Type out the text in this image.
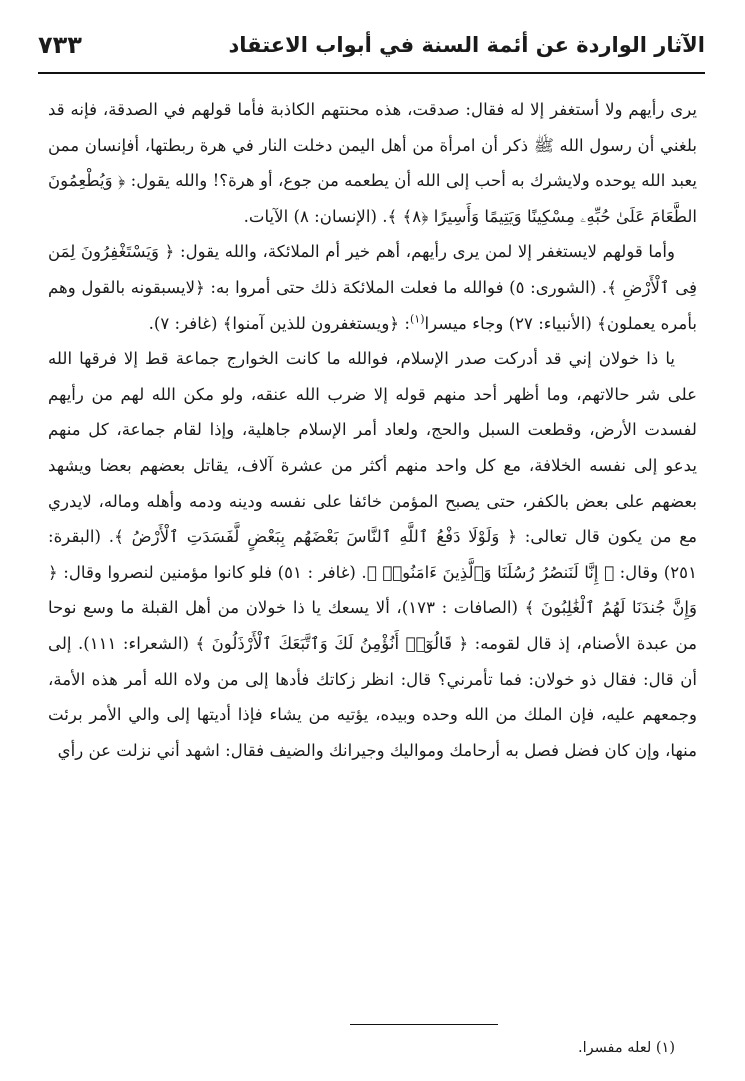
الآثار الواردة عن أئمة السنة في أبواب الاعتقاد
٧٣٣

يرى رأيهم ولا أستغفر إلا له فقال: صدقت، هذه محنتهم الكاذبة فأما قولهم في الصدقة، فإنه قد بلغني أن رسول الله ﷺ ذكر أن امرأة من أهل اليمن دخلت النار في هرة ربطتها، أفإنسان ممن يعبد الله يوحده ولايشرك به أحب إلى الله أن يطعمه من جوع، أو هرة؟! والله يقول: ﴿ وَيُطْعِمُونَ الطَّعَامَ عَلَىٰ حُبِّهِۦ مِسْكِينًا وَيَتِيمًا وَأَسِيرًا ﴿٨﴾ ﴾. (الإنسان: ٨) الآيات.

وأما قولهم لايستغفر إلا لمن يرى رأيهم، أهم خير أم الملائكة، والله يقول: ﴿ وَيَسْتَغْفِرُونَ لِمَن فِى ٱلْأَرْضِ ﴾. (الشورى: ٥) فوالله ما فعلت الملائكة ذلك حتى أمروا به: ﴿لايسبقونه بالقول وهم بأمره يعملون﴾ (الأنبياء: ٢٧) وجاء ميسرا$^{(١)}$: ﴿ويستغفرون للذين آمنوا﴾ (غافر: ٧).

يا ذا خولان إني قد أدركت صدر الإسلام، فوالله ما كانت الخوارج جماعة قط إلا فرقها الله على شر حالاتهم، وما أظهر أحد منهم قوله إلا ضرب الله عنقه، ولو مكن الله لهم من رأيهم لفسدت الأرض، وقطعت السبل والحج، ولعاد أمر الإسلام جاهلية، وإذا لقام جماعة، كل منهم يدعو إلى نفسه الخلافة، مع كل واحد منهم أكثر من عشرة آلاف، يقاتل بعضهم بعضا ويشهد بعضهم على بعض بالكفر، حتى يصبح المؤمن خائفا على نفسه ودينه ودمه وأهله وماله، لايدري مع من يكون قال تعالى: ﴿ وَلَوْلَا دَفْعُ ٱللَّهِ ٱلنَّاسَ بَعْضَهُم بِبَعْضٍ لَّفَسَدَتِ ٱلْأَرْضُ ﴾. (البقرة: ٢٥١) وقال: ﴿ إِنَّا لَنَنصُرُ رُسُلَنَا وَٱلَّذِينَ ءَامَنُوا۟ ﴾. (غافر : ٥١) فلو كانوا مؤمنين لنصروا وقال: ﴿ وَإِنَّ جُندَنَا لَهُمُ ٱلْغَٰلِبُونَ ﴾ (الصافات : ١٧٣)، ألا يسعك يا ذا خولان من أهل القبلة ما وسع نوحا من عبدة الأصنام، إذ قال لقومه: ﴿ قَالُوٓا۟ أَنُؤْمِنُ لَكَ وَٱتَّبَعَكَ ٱلْأَرْذَلُونَ ﴾ (الشعراء: ١١١). إلى أن قال: فقال ذو خولان: فما تأمرني؟ قال: انظر زكاتك فأدها إلى من ولاه الله أمر هذه الأمة، وجمعهم عليه، فإن الملك من الله وحده وبيده، يؤتيه من يشاء فإذا أديتها إلى والي الأمر برئت منها، وإن كان فضل فصل به أرحامك ومواليك وجيرانك والضيف فقال: اشهد أني نزلت عن رأي

(١) لعله مفسرا.
